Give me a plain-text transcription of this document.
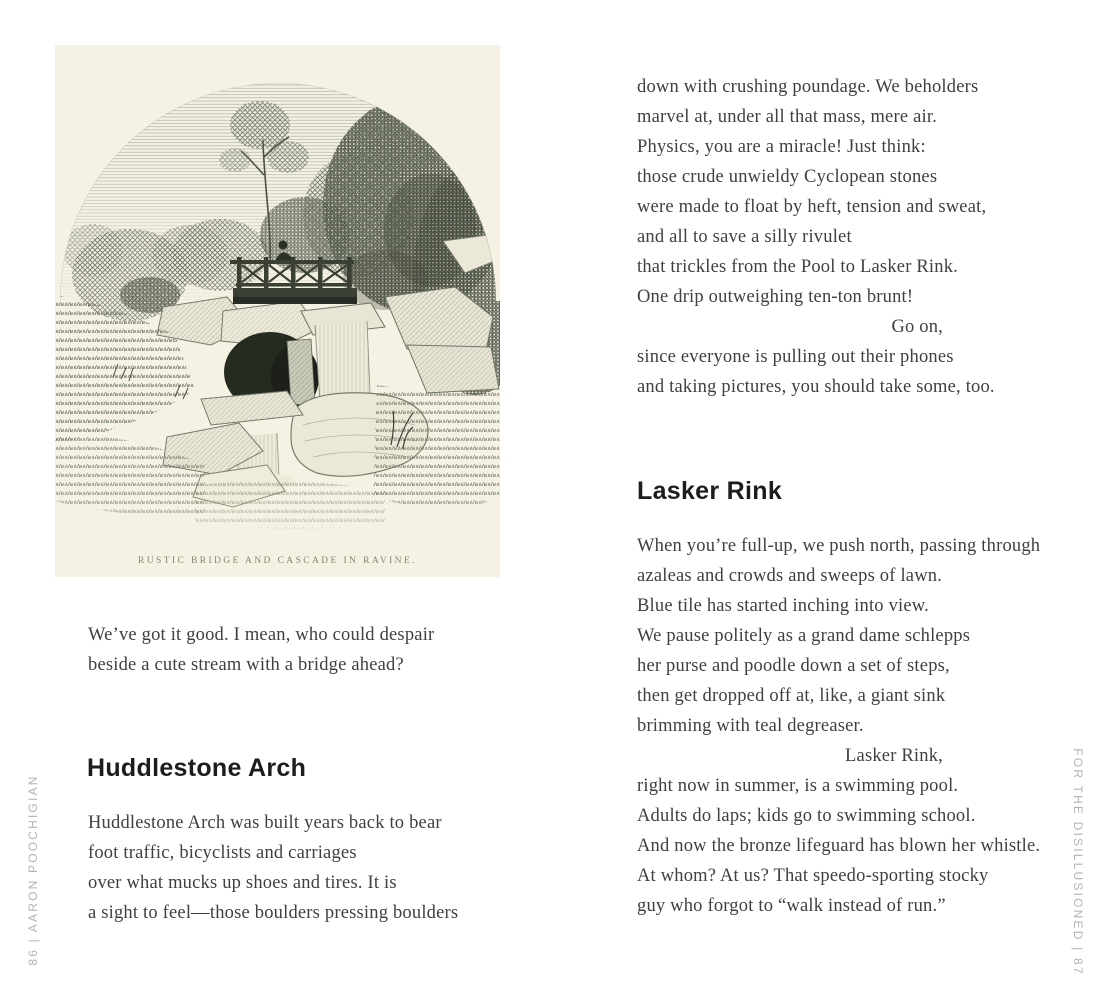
RUSTIC BRIDGE AND CASCADE IN RAVINE.
We’ve got it good. I mean, who could despair
beside a cute stream with a bridge ahead?
Huddlestone Arch
Huddlestone Arch was built years back to bear
foot traffic, bicyclists and carriages
over what mucks up shoes and tires. It is
a sight to feel—those boulders pressing boulders
86 | AARON POOCHIGIAN
down with crushing poundage. We beholders
marvel at, under all that mass, mere air.
Physics, you are a miracle! Just think:
those crude unwieldy Cyclopean stones
were made to float by heft, tension and sweat,
and all to save a silly rivulet
that trickles from the Pool to Lasker Rink.
One drip outweighing ten-ton brunt!
Go on,
since everyone is pulling out their phones
and taking pictures, you should take some, too.
Lasker Rink
When you’re full-up, we push north, passing through
azaleas and crowds and sweeps of lawn.
Blue tile has started inching into view.
We pause politely as a grand dame schlepps
her purse and poodle down a set of steps,
then get dropped off at, like, a giant sink
brimming with teal degreaser.
Lasker Rink,
right now in summer, is a swimming pool.
Adults do laps; kids go to swimming school.
And now the bronze lifeguard has blown her whistle.
At whom? At us? That speedo-sporting stocky
guy who forgot to “walk instead of run.”	FOR THE DISILLUSIONED | 87
